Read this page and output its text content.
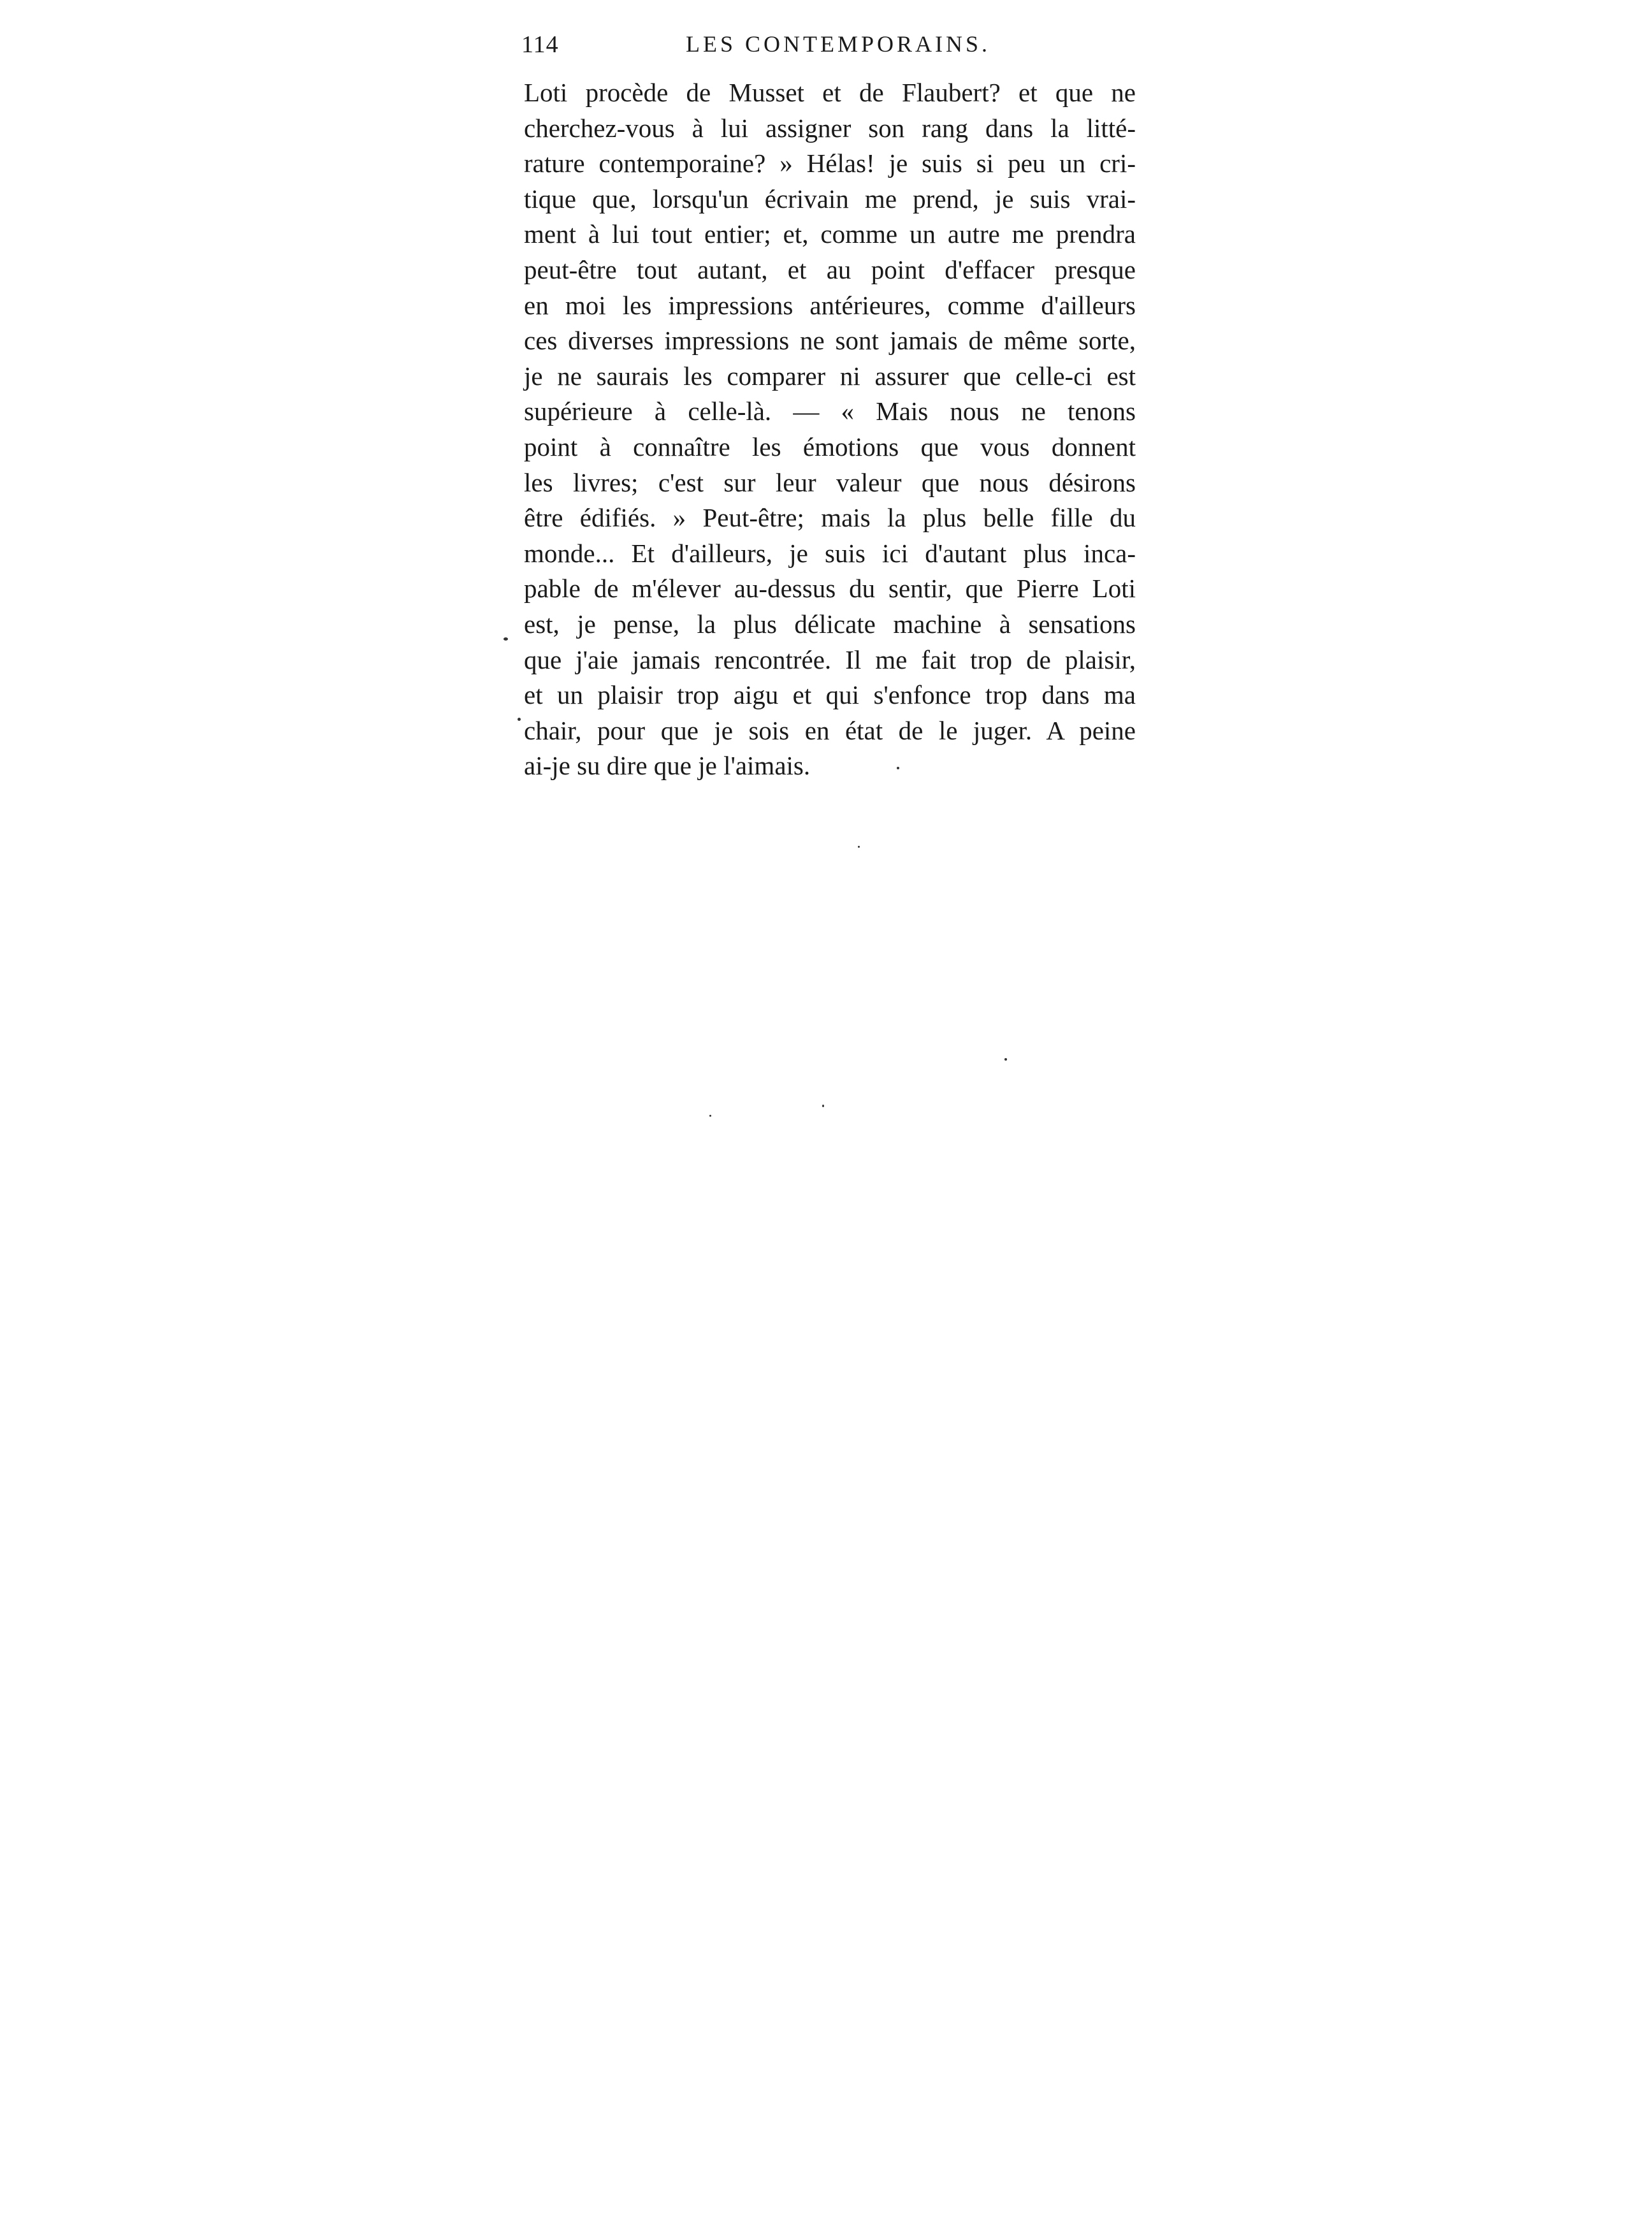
114	LES CONTEMPORAINS.
Loti procède de Musset et de Flaubert? et que ne
cherchez-vous à lui assigner son rang dans la litté-
rature contemporaine? » Hélas! je suis si peu un cri-
tique que, lorsqu'un écrivain me prend, je suis vrai-
ment à lui tout entier; et, comme un autre me prendra
peut-être tout autant, et au point d'effacer presque
en moi les impressions antérieures, comme d'ailleurs
ces diverses impressions ne sont jamais de même sorte,
je ne saurais les comparer ni assurer que celle-ci est
supérieure à celle-là. — « Mais nous ne tenons
point à connaître les émotions que vous donnent
les livres; c'est sur leur valeur que nous désirons
être édifiés. » Peut-être; mais la plus belle fille du
monde... Et d'ailleurs, je suis ici d'autant plus inca-
pable de m'élever au-dessus du sentir, que Pierre Loti
est, je pense, la plus délicate machine à sensations
que j'aie jamais rencontrée. Il me fait trop de plaisir,
et un plaisir trop aigu et qui s'enfonce trop dans ma
chair, pour que je sois en état de le juger. A peine
ai-je su dire que je l'aimais.
